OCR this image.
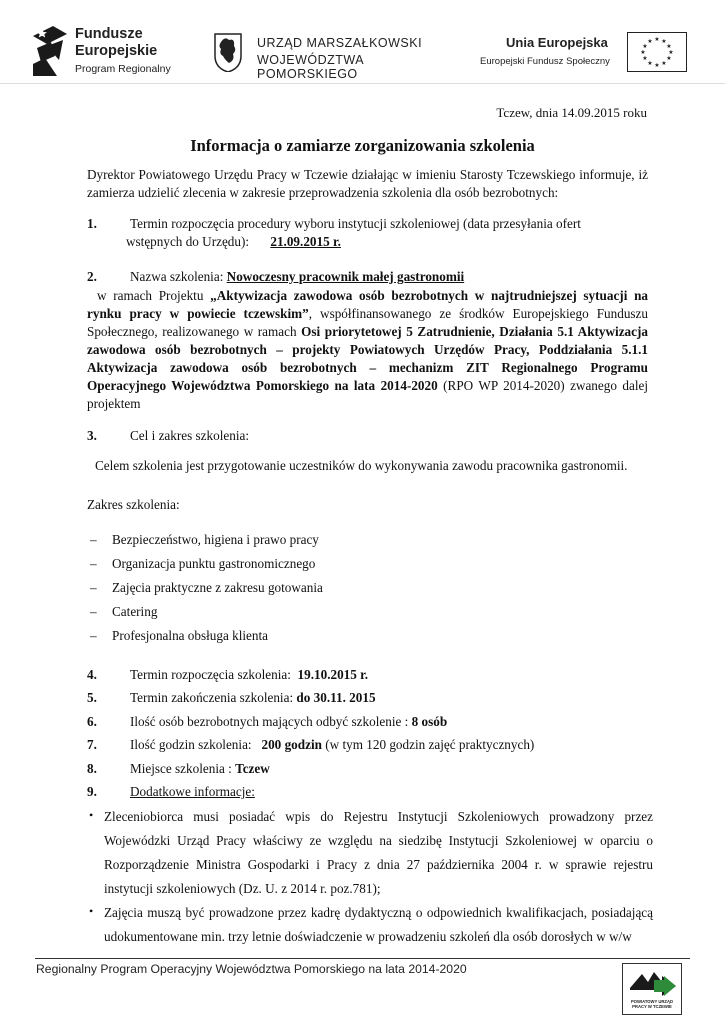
Fundusze
Europejskie
Program Regionalny
URZĄD MARSZAŁKOWSKI
WOJEWÓDZTWA POMORSKIEGO
Unia Europejska
Europejski Fundusz Społeczny
★ ★
★
★
★
★
★
★
★
★
★
★
Tczew, dnia 14.09.2015 roku
Informacja o zamiarze zorganizowania szkolenia
Dyrektor Powiatowego Urzędu Pracy w Tczewie działając w imieniu Starosty Tczewskiego informuje, iż zamierza udzielić zlecenia w zakresie przeprowadzenia szkolenia dla osób bezrobotnych:
1.	Termin rozpoczęcia procedury wyboru instytucji szkoleniowej (data przesyłania ofert
wstępnych do Urzędu): 21.09.2015 r.
2.	Nazwa szkolenia: Nowoczesny pracownik małej gastronomii
w ramach Projektu „Aktywizacja zawodowa osób bezrobotnych w najtrudniejszej sytuacji na rynku pracy w powiecie tczewskim”, współfinansowanego ze środków Europejskiego Funduszu Społecznego, realizowanego w ramach Osi priorytetowej 5 Zatrudnienie, Działania 5.1 Aktywizacja zawodowa osób bezrobotnych – projekty Powiatowych Urzędów Pracy, Poddziałania 5.1.1 Aktywizacja zawodowa osób bezrobotnych – mechanizm ZIT Regionalnego Programu Operacyjnego Województwa Pomorskiego na lata 2014-2020 (RPO WP 2014-2020) zwanego dalej projektem
3.	Cel i zakres szkolenia:
Celem szkolenia jest przygotowanie uczestników do wykonywania zawodu pracownika gastronomii.
Zakres szkolenia:
– Bezpieczeństwo, higiena i prawo pracy
– Organizacja punktu gastronomicznego
– Zajęcia praktyczne z zakresu gotowania
– Catering
– Profesjonalna obsługa klienta
4.	Termin rozpoczęcia szkolenia:  19.10.2015 r.
5.	Termin zakończenia szkolenia: do 30.11. 2015
6.	Ilość osób bezrobotnych mających odbyć szkolenie : 8 osób
7.	Ilość godzin szkolenia:   200 godzin (w tym 120 godzin zajęć praktycznych)
8.	Miejsce szkolenia : Tczew
9.	Dodatkowe informacje:
• Zleceniobiorca musi posiadać wpis do Rejestru Instytucji Szkoleniowych prowadzony przez Wojewódzki Urząd Pracy właściwy ze względu na siedzibę Instytucji Szkoleniowej w oparciu o Rozporządzenie Ministra Gospodarki i Pracy z dnia 27 października 2004 r. w sprawie rejestru instytucji szkoleniowych (Dz. U. z 2014 r. poz.781);
• Zajęcia muszą być prowadzone przez kadrę dydaktyczną o odpowiednich kwalifikacjach, posiadającą udokumentowane min. trzy letnie doświadczenie w prowadzeniu szkoleń dla osób dorosłych w w/w
Regionalny Program Operacyjny Województwa Pomorskiego na lata 2014-2020
POWIATOWY URZĄD PRACY W TCZEWIE
